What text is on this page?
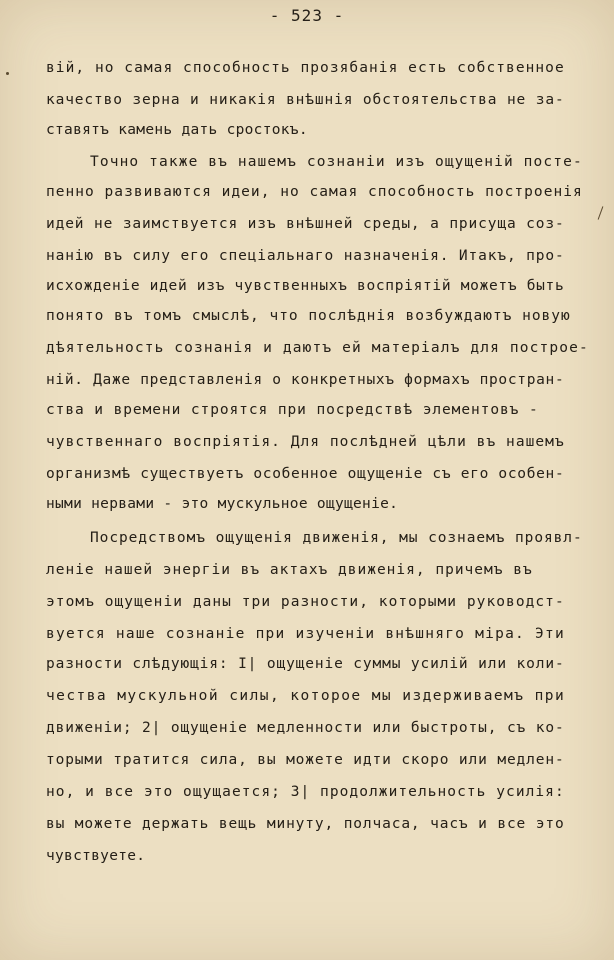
- 523 -
вій, но самая способность прозябанія есть собственное
качество зерна и никакія внѣшнія обстоятельства не за-
ставятъ камень дать сростокъ.
Точно также въ нашемъ сознаніи изъ ощущеній посте-
пенно развиваются идеи, но самая способность построенія
идей не заимствуется изъ внѣшней среды, а присуща соз-
нанію въ силу его спеціальнаго назначенія. Итакъ, про-
исхожденіе идей изъ чувственныхъ воспріятій можетъ быть
понято въ томъ смыслѣ, что послѣднія возбуждаютъ новую
дѣятельность сознанія и даютъ ей матеріалъ для построе-
ній. Даже представленія о конкретныхъ формахъ простран-
ства и времени строятся при посредствѣ элементовъ -
чувственнаго воспріятія. Для послѣдней цѣли въ нашемъ
организмѣ существуетъ особенное ощущеніе съ его особен-
ными нервами - это мускульное ощущеніе.
Посредствомъ ощущенія движенія, мы сознаемъ проявл-
леніе нашей энергіи въ актахъ движенія, причемъ въ
этомъ ощущеніи даны три разности, которыми руководст-
вуется наше сознаніе при изученіи внѣшняго міра. Эти
разности слѣдующія: I| ощущеніе суммы усилій или коли-
чества мускульной силы, которое мы издерживаемъ при
движеніи; 2| ощущеніе медленности или быстроты, съ ко-
торыми тратится сила, вы можете идти скоро или медлен-
но, и все это ощущается; 3| продолжительность усилія:
вы можете держать вещь минуту, полчаса, часъ и все это
чувствуете.
